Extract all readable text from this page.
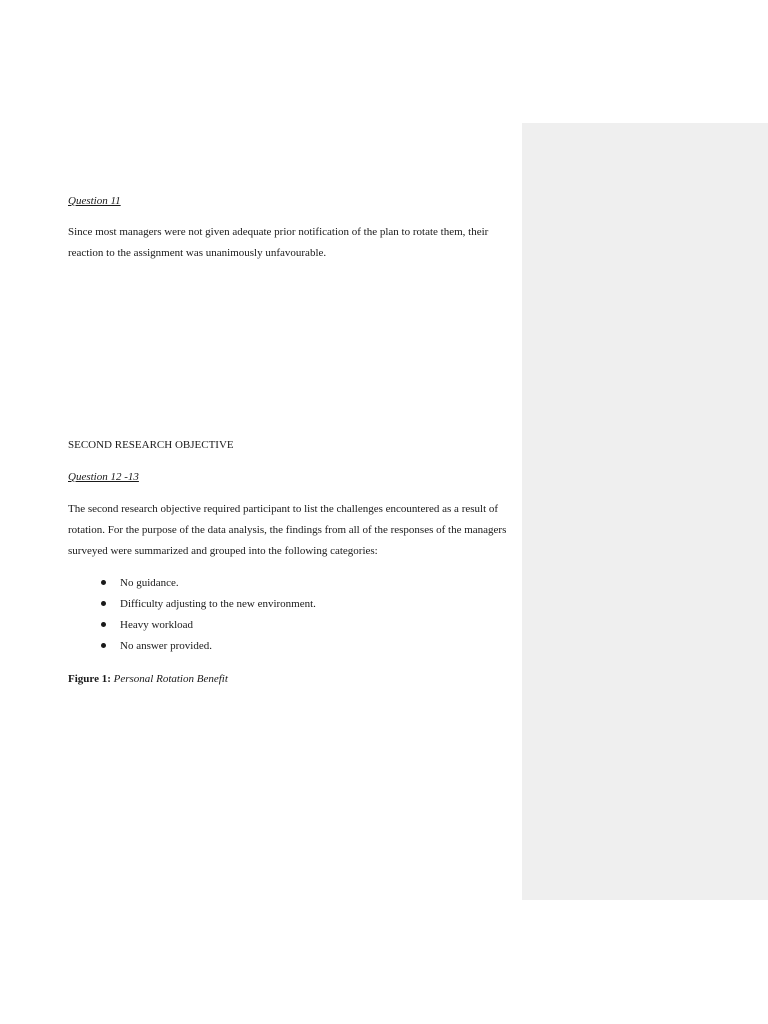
Question 11

Since most managers were not given adequate prior notification of the plan to rotate them, their

reaction to the assignment was unanimously unfavourable.

SECOND RESEARCH OBJECTIVE

Question 12 -13

The second research objective required participant to list the challenges encountered as a result of

rotation. For the purpose of the data analysis, the findings from all of the responses of the managers

surveyed were summarized and grouped into the following categories:

No guidance.
Difficulty adjusting to the new environment.
Heavy workload
No answer provided.

Figure 1: Personal Rotation Benefit
